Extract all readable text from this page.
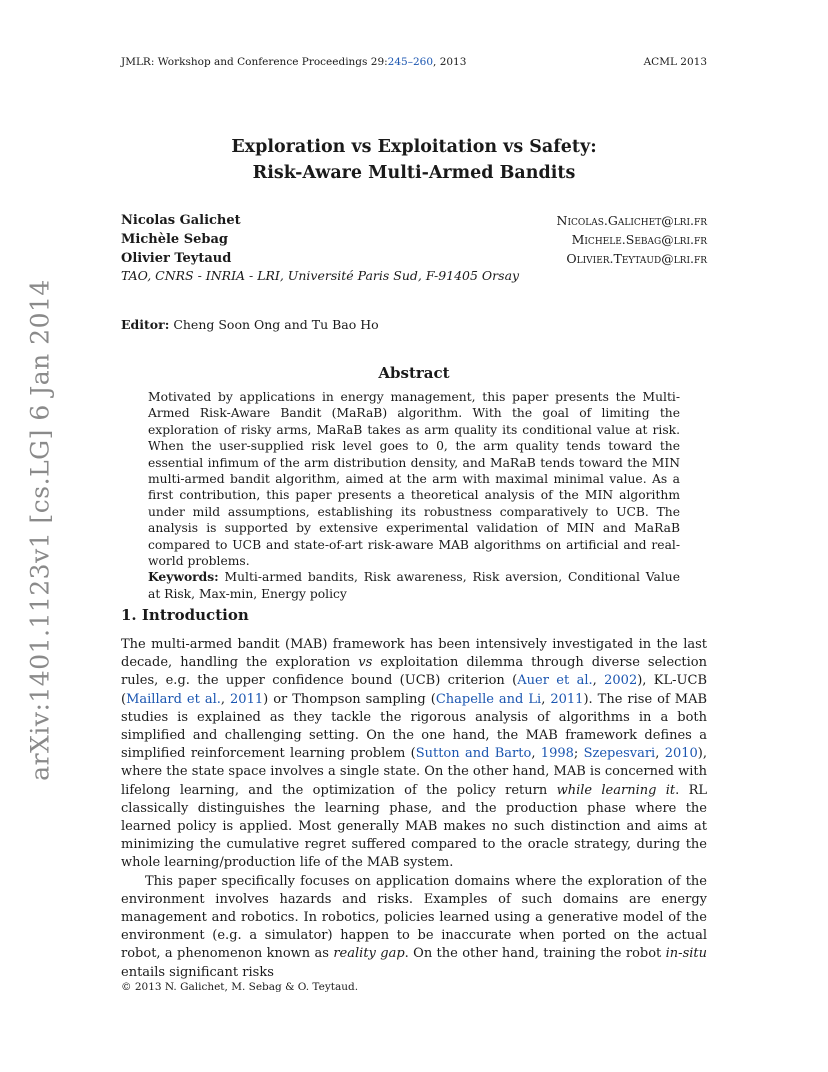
JMLR: Workshop and Conference Proceedings 29:245–260, 2013	ACML 2013
arXiv:1401.1123v1 [cs.LG] 6 Jan 2014
Exploration vs Exploitation vs Safety:
Risk-Aware Multi-Armed Bandits
Nicolas Galichet	Nicolas.Galichet@lri.fr
Michèle Sebag	Michele.Sebag@lri.fr
Olivier Teytaud	Olivier.Teytaud@lri.fr
TAO, CNRS - INRIA - LRI, Université Paris Sud, F-91405 Orsay
Editor: Cheng Soon Ong and Tu Bao Ho
Abstract

Motivated by applications in energy management, this paper presents the Multi-Armed Risk-Aware Bandit (MaRaB) algorithm. With the goal of limiting the exploration of risky arms, MaRaB takes as arm quality its conditional value at risk. When the user-supplied risk level goes to 0, the arm quality tends toward the essential infimum of the arm distribution density, and MaRaB tends toward the MIN multi-armed bandit algorithm, aimed at the arm with maximal minimal value. As a first contribution, this paper presents a theoretical analysis of the MIN algorithm under mild assumptions, establishing its robustness comparatively to UCB. The analysis is supported by extensive experimental validation of MIN and MaRaB compared to UCB and state-of-art risk-aware MAB algorithms on artificial and real-world problems.

Keywords: Multi-armed bandits, Risk awareness, Risk aversion, Conditional Value at Risk, Max-min, Energy policy

1. Introduction

The multi-armed bandit (MAB) framework has been intensively investigated in the last decade, handling the exploration vs exploitation dilemma through diverse selection rules, e.g. the upper confidence bound (UCB) criterion (Auer et al., 2002), KL-UCB (Maillard et al., 2011) or Thompson sampling (Chapelle and Li, 2011). The rise of MAB studies is explained as they tackle the rigorous analysis of algorithms in a both simplified and challenging setting. On the one hand, the MAB framework defines a simplified reinforcement learning problem (Sutton and Barto, 1998; Szepesvari, 2010), where the state space involves a single state. On the other hand, MAB is concerned with lifelong learning, and the optimization of the policy return while learning it. RL classically distinguishes the learning phase, and the production phase where the learned policy is applied. Most generally MAB makes no such distinction and aims at minimizing the cumulative regret suffered compared to the oracle strategy, during the whole learning/production life of the MAB system.

This paper specifically focuses on application domains where the exploration of the environment involves hazards and risks. Examples of such domains are energy management and robotics. In robotics, policies learned using a generative model of the environment (e.g. a simulator) happen to be inaccurate when ported on the actual robot, a phenomenon known as reality gap. On the other hand, training the robot in-situ entails significant risks

© 2013 N. Galichet, M. Sebag & O. Teytaud.
